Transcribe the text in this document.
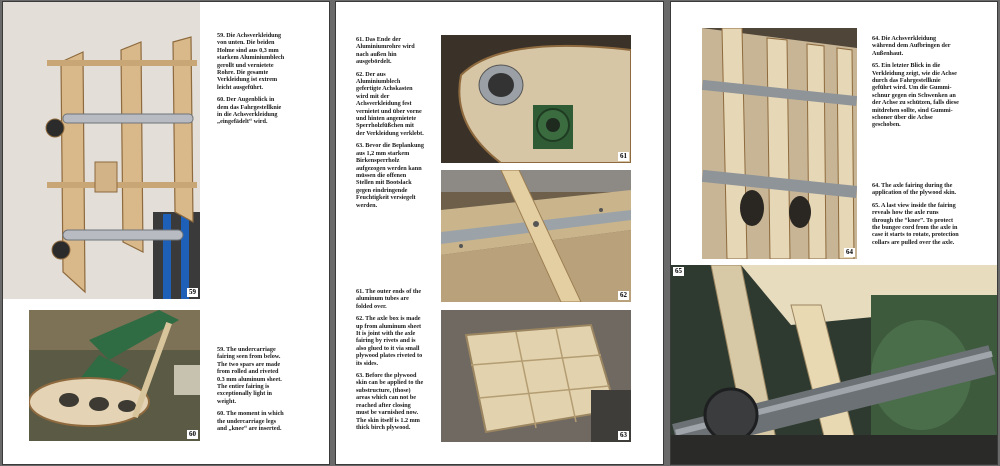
59

59. Die Achsverkleidung
von unten. Die beiden
Holme sind aus 0,3 mm
starkem Aluminiumblech
gerollt und vernietete
Rohre. Die gesamte
Verkleidung ist extrem
leicht ausgeführt.

60. Der Augenblick in
dem das Fahrgestellknie
in die Achsverkleidung
„eingefädelt“ wird.

60

59. The undercarriage
fairing seen from below.
The two spars are made
from rolled and riveted
0.3 mm aluminum sheet.
The entire fairing is
exceptionally light in
weight.

60. The moment in which
the undercarriage legs
and „knee“ are inserted.

61. Das Ende der
Aluminiumrohre wird
nach außen hin
ausgebördelt.

62. Der aus
Aluminiumblech
gefertigte Achskasten
wird mit der
Achsverkleidung fest
vernietet und über vorne
und hinten angenietete
Sperrholzfüßchen mit
der Verkleidung verklebt.

63. Bevor die Beplankung
aus 1,2 mm starkem
Birkensperrholz
aufgezogen werden kann
müssen die offenen
Stellen mit Bootslack
gegen eindringende
Feuchtigkeit versiegelt
werden.

61. The outer ends of the
aluminum tubes are
folded over.

62. The axle box is made
up from aluminum sheet
It is joint with the axle
fairing by rivets and is
also glued to it via small
plywood plates riveted to
its sides.

63. Before the plywood
skin can be applied to the
substructure, (those)
areas which can not be
reached after closing
must be varnished now.
The skin itself is 1.2 mm
thick birch plywood.

61
62
63
64

64. Die Achsverkleidung
während dem Aufbringen der
Außenhaut.

65. Ein letzter Blick in die
Verkleidung zeigt, wie die Achse
durch das Fahrgestellknie
geführt wird. Um die Gummi-
schnur gegen ein Schwenken an
der Achse zu schützen, falls diese
mitdrehen sollte, sind Gummi-
schoner über die Achse
geschoben.

64. The axle fairing during the
application of the plywood skin.

65. A last view inside the fairing
reveals how the axle runs
through the “knee”. To protect
the bungee cord from the axle in
case it starts to rotate, protection
collars are pulled over the axle.

65
